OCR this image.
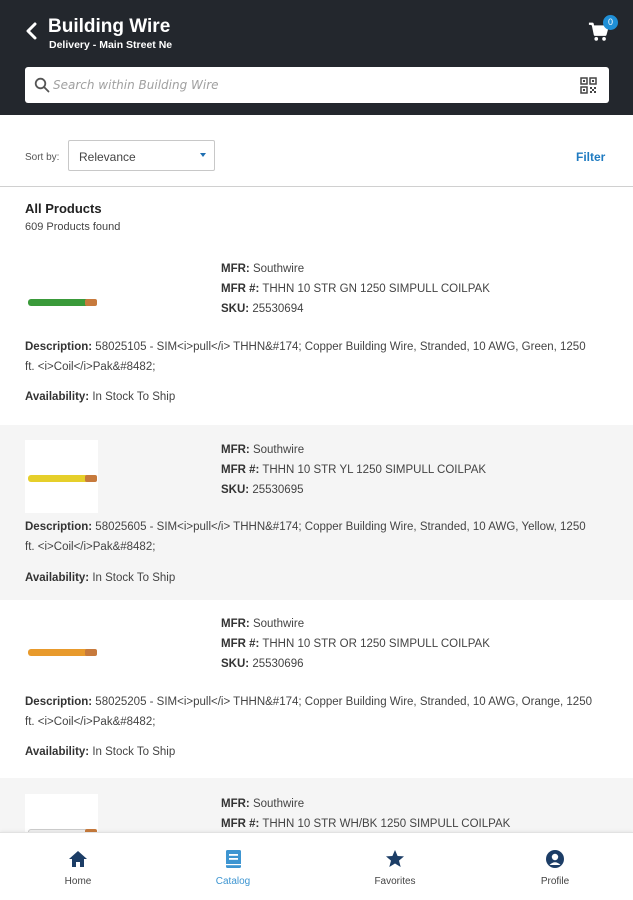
Building Wire
Delivery - Main Street Ne
0
Search within Building Wire
Sort by: Relevance	Filter
All Products
609 Products found
MFR: Southwire
MFR #: THHN 10 STR GN 1250 SIMPULL COILPAK
SKU: 25530694
Description: 58025105 - SIM<i>pull</i> THHN&#174; Copper Building Wire, Stranded, 10 AWG, Green, 1250 ft. <i>Coil</i>Pak&#8482;
Availability: In Stock To Ship
MFR: Southwire
MFR #: THHN 10 STR YL 1250 SIMPULL COILPAK
SKU: 25530695
Description: 58025605 - SIM<i>pull</i> THHN&#174; Copper Building Wire, Stranded, 10 AWG, Yellow, 1250 ft. <i>Coil</i>Pak&#8482;
Availability: In Stock To Ship
MFR: Southwire
MFR #: THHN 10 STR OR 1250 SIMPULL COILPAK
SKU: 25530696
Description: 58025205 - SIM<i>pull</i> THHN&#174; Copper Building Wire, Stranded, 10 AWG, Orange, 1250 ft. <i>Coil</i>Pak&#8482;
Availability: In Stock To Ship
MFR: Southwire
MFR #: THHN 10 STR WH/BK 1250 SIMPULL COILPAK
Home	Catalog	Favorites	Profile
